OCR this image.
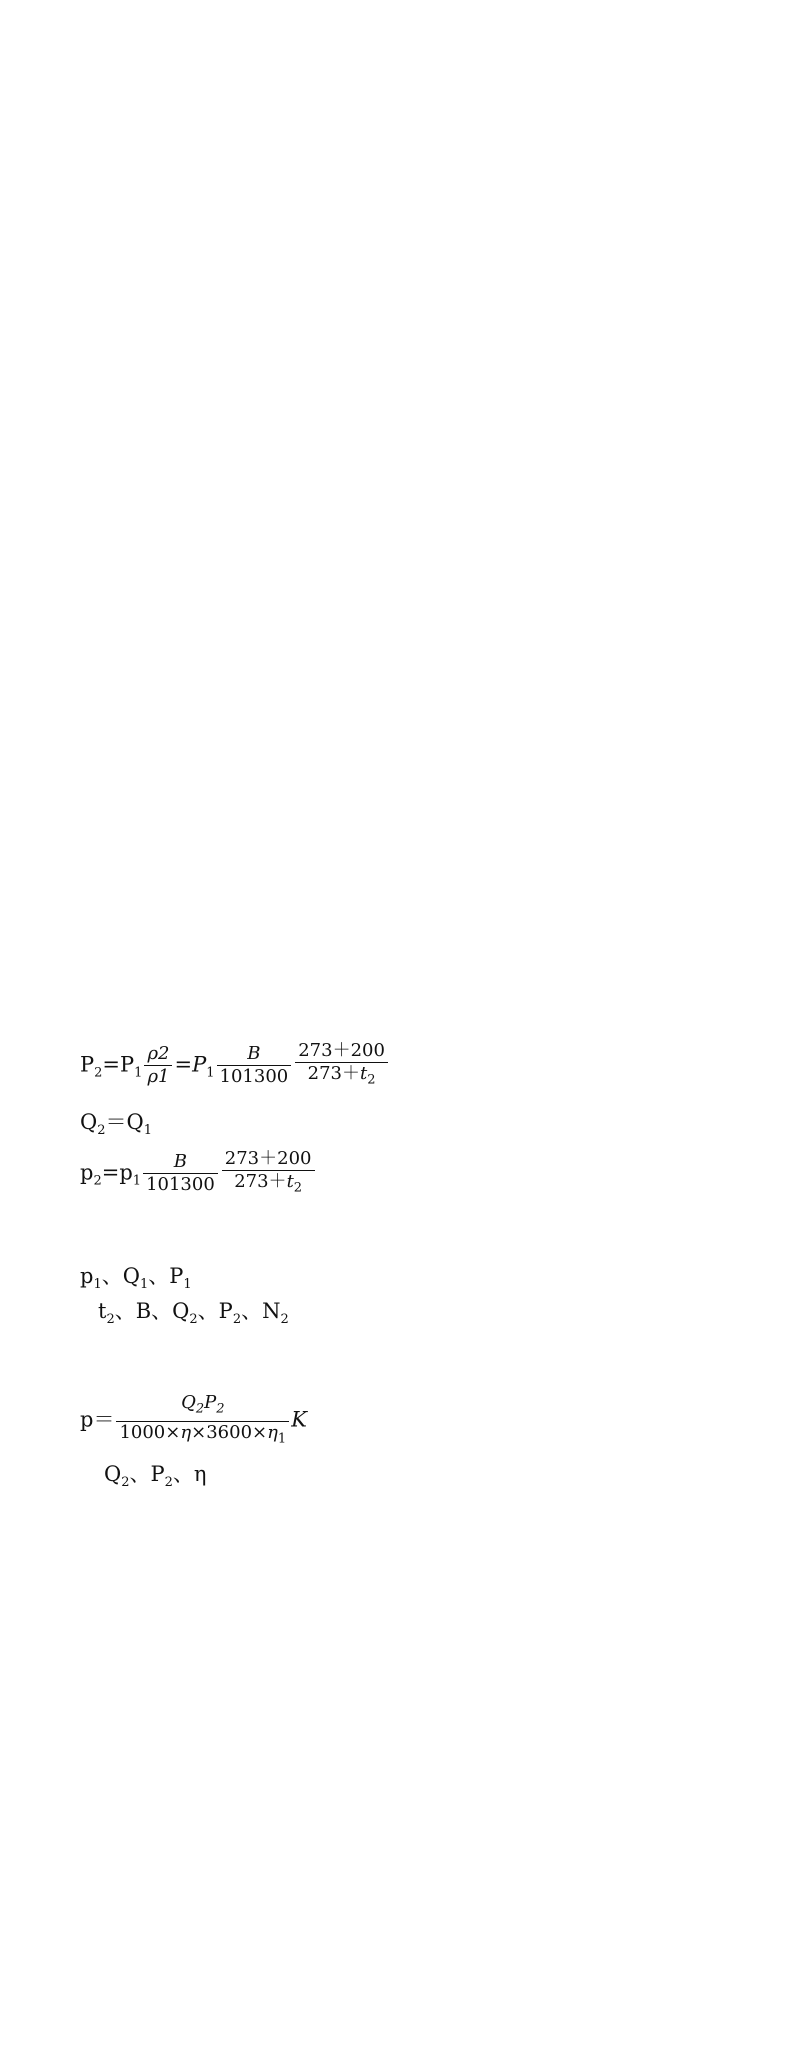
$P_2=P_1 \frac{\rho 2}{\rho 1} =P_1 \frac{B}{101300} \frac{273+200}{273+t_2}$
$Q_2=Q_1$
$p_2=p_1 \frac{B}{101300} \frac{273+200}{273+t_2}$
$p_1$、$Q_1$、$P_1$
$t_2$、B、$Q_2$、$P_2$、$N_2$
$p= \frac{Q_2P_2}{1000\times\eta\times 3600\times\eta_1}$ K
$Q_2$、$P_2$、η
